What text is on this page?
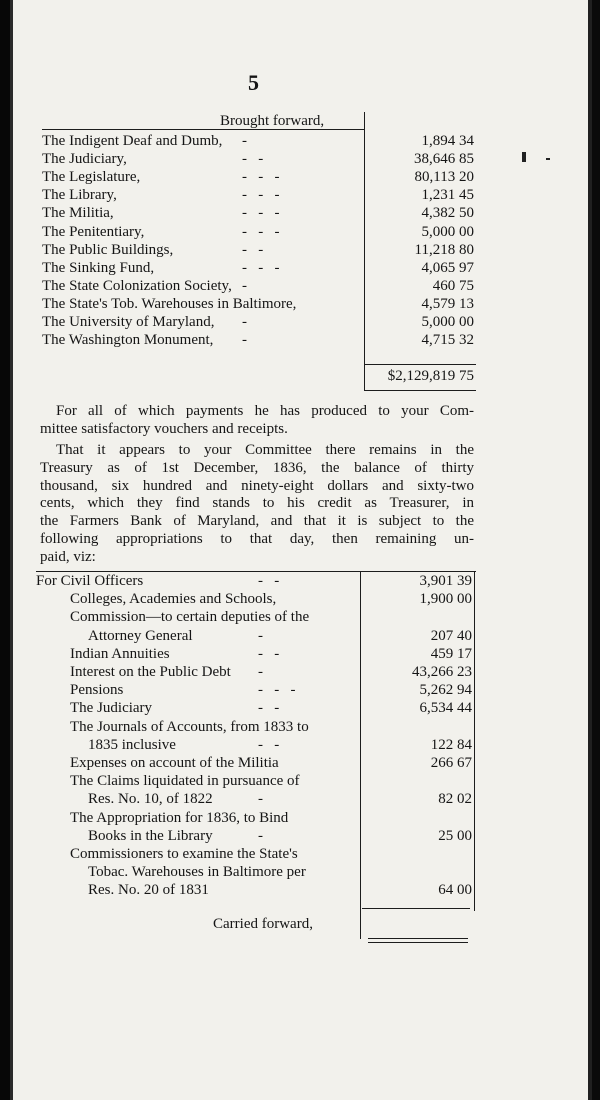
5
Brought forward,
The Indigent Deaf and Dumb, -	1,894 34
The Judiciary,	-   -	38,646 85
The Legislature,	-   -   -	80,113 20
The Library,	-   -   -	1,231 45
The Militia,	-   -   -	4,382 50
The Penitentiary,	-   -   -	5,000 00
The Public Buildings,	-   -	11,218 80
The Sinking Fund,	-   -   -	4,065 97
The State Colonization Society, -	460 75
The State's Tob. Warehouses in Baltimore,	4,579 13
The University of Maryland, -	5,000 00
The Washington Monument, -	4,715 32
$2,129,819 75
For all of which payments he has produced to your Com-
mittee satisfactory vouchers and receipts.
That it appears to your Committee there remains in the
Treasury as of 1st December, 1836, the balance of thirty
thousand, six hundred and ninety-eight dollars and sixty-two
cents, which they find stands to his credit as Treasurer, in
the Farmers Bank of Maryland, and that it is subject to the
following appropriations to that day, then remaining un-
paid, viz:
For Civil Officers	-   -	3,901 39
Colleges, Academies and Schools,	1,900 00
Commission—to certain deputies of the
Attorney General	-	207 40
Indian Annuities	-   -	459 17
Interest on the Public Debt -	43,266 23
Pensions	-   -   -	5,262 94
The Judiciary	-   -	6,534 44
The Journals of Accounts, from 1833 to
1835 inclusive	-   -	122 84
Expenses on account of the Militia	266 67
The Claims liquidated in pursuance of
Res. No. 10, of 1822	-	82 02
The Appropriation for 1836, to Bind
Books in the Library	-	25 00
Commissioners to examine the State's
Tobac. Warehouses in Baltimore per
Res. No. 20 of 1831	64 00
Carried forward,
